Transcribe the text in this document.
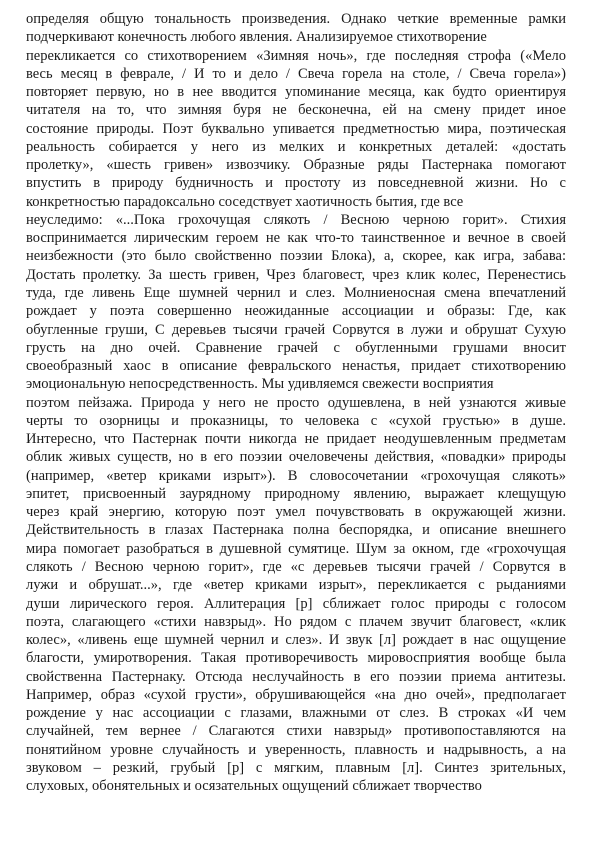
определяя общую тональность произведения. Однако четкие временные рамки
подчеркивают конечность любого явления. Анализируемое стихотворение
перекликается со стихотворением «Зимняя ночь», где последняя строфа («Мело
весь месяц в феврале, / И то и дело / Свеча горела на столе, / Свеча горела»)
повторяет первую, но в нее вводится упоминание месяца, как будто ориентируя
читателя на то, что зимняя буря не бесконечна, ей на смену придет иное
состояние природы. Поэт буквально упивается предметностью мира, поэтическая
реальность собирается у него из мелких и конкретных деталей: «достать
пролетку», «шесть гривен» извозчику. Образные ряды Пастернака помогают
впустить в природу будничность и простоту из повседневной жизни. Но с
конкретностью парадоксально соседствует хаотичность бытия, где все
неуследимо: «...Пока грохочущая слякоть / Весною черною горит». Стихия
воспринимается лирическим героем не как что-то таинственное и вечное в своей
неизбежности (это было свойственно поэзии Блока), а, скорее, как игра, забава:
Достать пролетку. За шесть гривен, Чрез благовест, чрез клик колес, Перенестись
туда, где ливень Еще шумней чернил и слез. Молниеносная смена впечатлений
рождает у поэта совершенно неожиданные ассоциации и образы: Где, как
обугленные груши, С деревьев тысячи грачей Сорвутся в лужи и обрушат Сухую
грусть на дно очей. Сравнение грачей с обугленными грушами вносит
своеобразный хаос в описание февральского ненастья, придает стихотворению
эмоциональную непосредственность. Мы удивляемся свежести восприятия
поэтом пейзажа. Природа у него не просто одушевлена, в ней узнаются живые
черты то озорницы и проказницы, то человека с «сухой грустью» в душе.
Интересно, что Пастернак почти никогда не придает неодушевленным предметам
облик живых существ, но в его поэзии очеловечены действия, «повадки» природы
(например, «ветер криками изрыт»). В словосочетании «грохочущая слякоть»
эпитет, присвоенный заурядному природному явлению, выражает клещущую
через край энергию, которую поэт умел почувствовать в окружающей жизни.
Действительность в глазах Пастернака полна беспорядка, и описание внешнего
мира помогает разобраться в душевной сумятице. Шум за окном, где «грохочущая
слякоть / Весною черною горит», где «с деревьев тысячи грачей / Сорвутся в
лужи и обрушат...», где «ветер криками изрыт», перекликается с рыданиями
души лирического героя. Аллитерация [р] сближает голос природы с голосом
поэта, слагающего «стихи навзрыд». Но рядом с плачем звучит благовест, «клик
колес», «ливень еще шумней чернил и слез». И звук [л] рождает в нас ощущение
благости, умиротворения. Такая противоречивость мировосприятия вообще была
свойственна Пастернаку. Отсюда неслучайность в его поэзии приема антитезы.
Например, образ «сухой грусти», обрушивающейся «на дно очей», предполагает
рождение у нас ассоциации с глазами, влажными от слез. В строках «И чем
случайней, тем вернее / Слагаются стихи навзрыд» противопоставляются на
понятийном уровне случайность и уверенность, плавность и надрывность, а на
звуковом – резкий, грубый [р] с мягким, плавным [л]. Синтез зрительных,
слуховых, обонятельных и осязательных ощущений сближает творчество
